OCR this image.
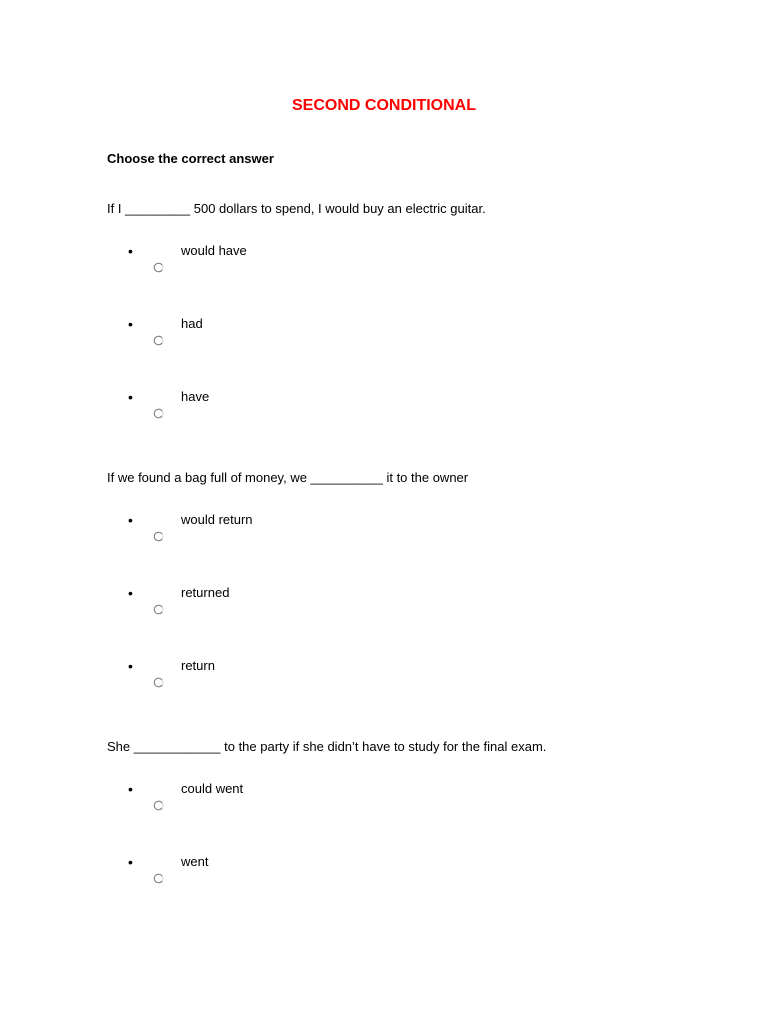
SECOND CONDITIONAL
Choose the correct answer
If I _________ 500 dollars to spend, I would buy an electric guitar.
•	would have
•	had
•	have
If we found a bag full of money, we __________ it to the owner
•	would return
•	returned
•	return
She ____________ to the party if she didn’t have to study for the final exam.
•	could went
•	went
